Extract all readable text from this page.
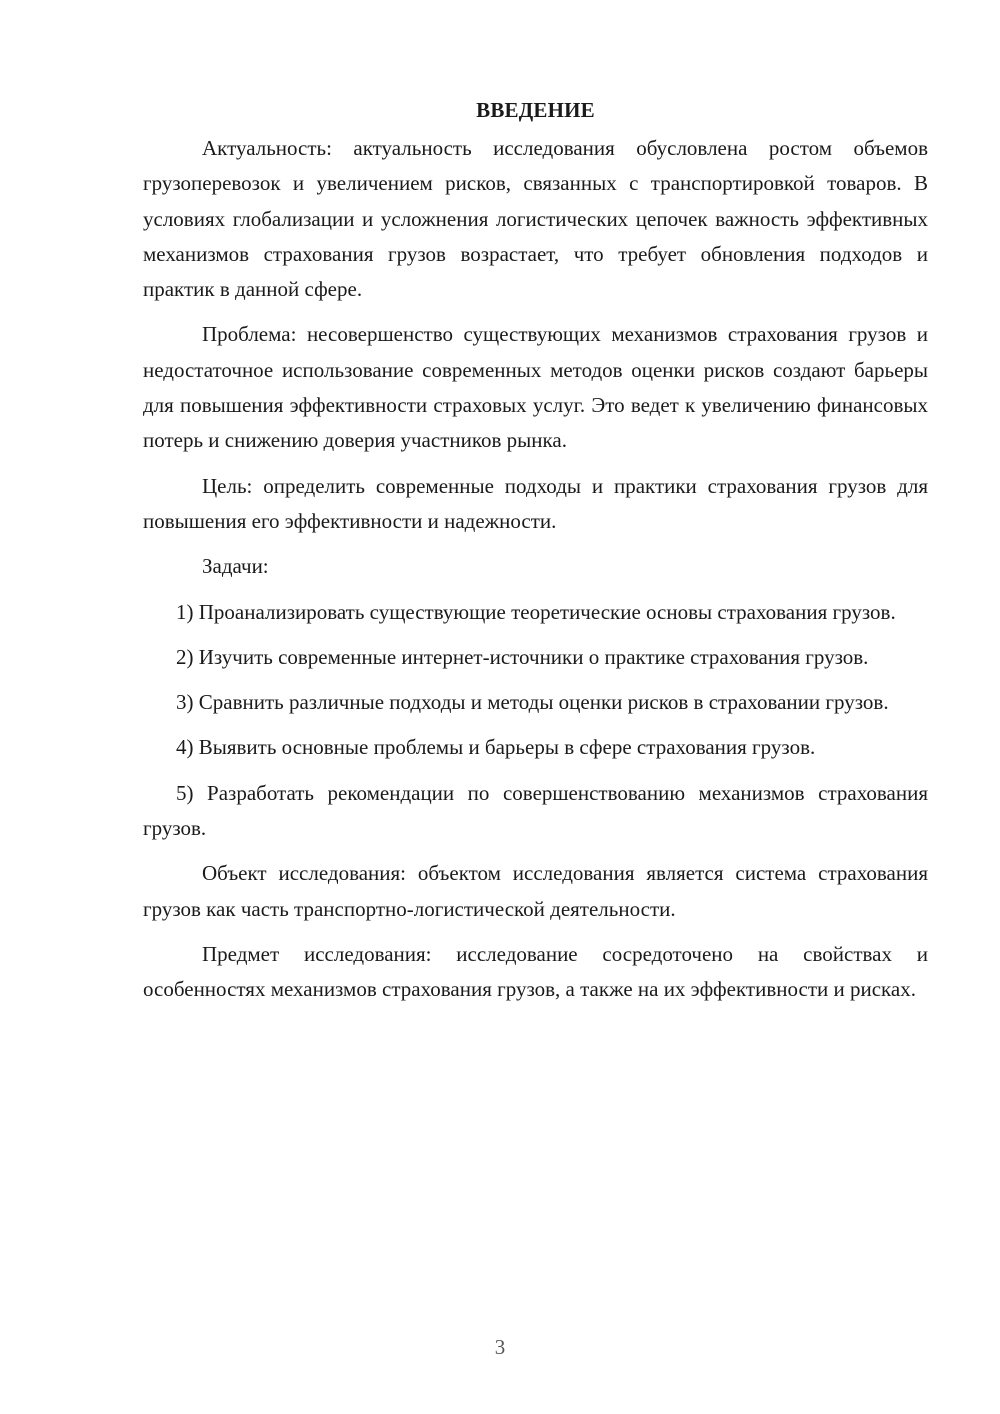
ВВЕДЕНИЕ

Актуальность: актуальность исследования обусловлена ростом объемов грузоперевозок и увеличением рисков, связанных с транспортировкой товаров. В условиях глобализации и усложнения логистических цепочек важность эффективных механизмов страхования грузов возрастает, что требует обновления подходов и практик в данной сфере.

Проблема: несовершенство существующих механизмов страхования грузов и недостаточное использование современных методов оценки рисков создают барьеры для повышения эффективности страховых услуг. Это ведет к увеличению финансовых потерь и снижению доверия участников рынка.

Цель: определить современные подходы и практики страхования грузов для повышения его эффективности и надежности.

Задачи:

1) Проанализировать существующие теоретические основы страхования грузов.

2) Изучить современные интернет-источники о практике страхования грузов.

3) Сравнить различные подходы и методы оценки рисков в страховании грузов.

4) Выявить основные проблемы и барьеры в сфере страхования грузов.

5) Разработать рекомендации по совершенствованию механизмов страхования грузов.

Объект исследования: объектом исследования является система страхования грузов как часть транспортно-логистической деятельности.

Предмет исследования: исследование сосредоточено на свойствах и особенностях механизмов страхования грузов, а также на их эффективности и рисках.

3
